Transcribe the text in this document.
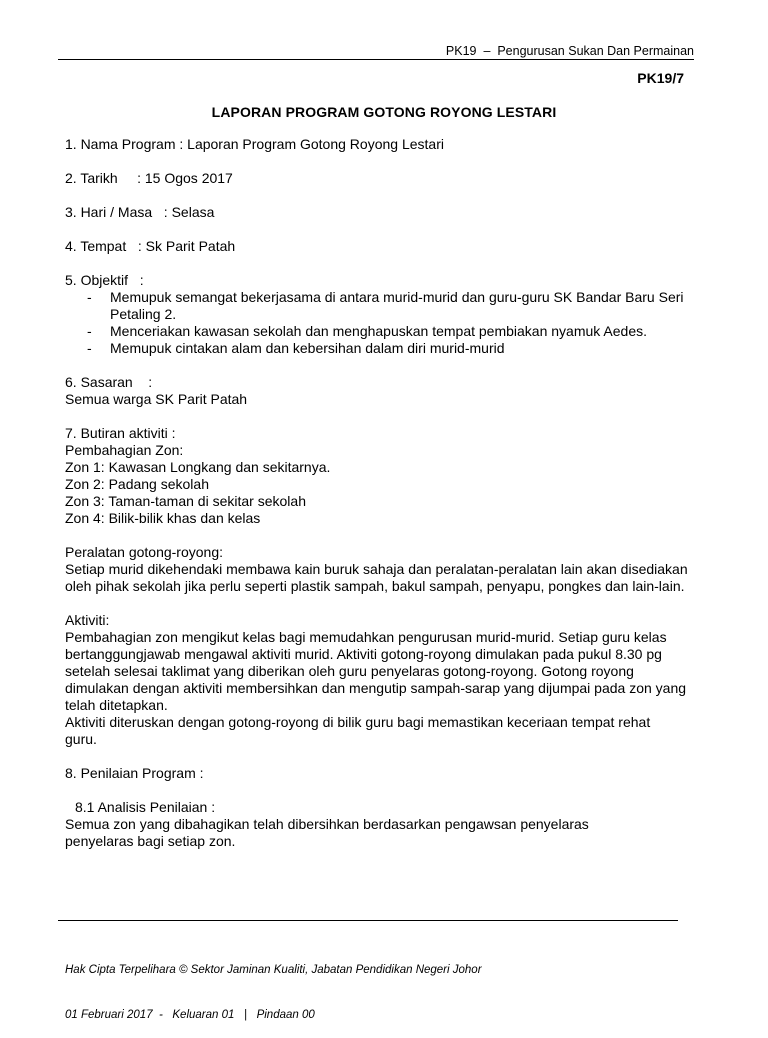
PK19  –  Pengurusan Sukan Dan Permainan
PK19/7
LAPORAN PROGRAM GOTONG ROYONG LESTARI

1. Nama Program : Laporan Program Gotong Royong Lestari

2. Tarikh     : 15 Ogos 2017

3. Hari / Masa   : Selasa

4. Tempat   : Sk Parit Patah

5. Objektif   :

-	Memupuk semangat bekerjasama di antara murid-murid dan guru-guru SK Bandar Baru Seri Petaling 2.
-	Menceriakan kawasan sekolah dan menghapuskan tempat pembiakan nyamuk Aedes.
-	Memupuk cintakan alam dan kebersihan dalam diri murid-murid

6. Sasaran    :

Semua warga SK Parit Patah

7. Butiran aktiviti :

Pembahagian Zon:

Zon 1: Kawasan Longkang dan sekitarnya.

Zon 2: Padang sekolah

Zon 3: Taman-taman di sekitar sekolah

Zon 4: Bilik-bilik khas dan kelas

Peralatan gotong-royong:

Setiap murid dikehendaki membawa kain buruk sahaja dan peralatan-peralatan lain akan disediakan oleh pihak sekolah jika perlu seperti plastik sampah, bakul sampah, penyapu, pongkes dan lain-lain.

Aktiviti:

Pembahagian zon mengikut kelas bagi memudahkan pengurusan murid-murid. Setiap guru kelas bertanggungjawab mengawal aktiviti murid. Aktiviti gotong-royong dimulakan pada pukul 8.30 pg setelah selesai taklimat yang diberikan oleh guru penyelaras gotong-royong. Gotong royong dimulakan dengan aktiviti membersihkan dan mengutip sampah-sarap yang dijumpai pada zon yang telah ditetapkan.

Aktiviti diteruskan dengan gotong-royong di bilik guru bagi memastikan keceriaan tempat rehat guru.

8. Penilaian Program :

8.1 Analisis Penilaian :

Semua zon yang dibahagikan telah dibersihkan berdasarkan pengawsan penyelaras penyelaras bagi setiap zon.

Hak Cipta Terpelihara © Sektor Jaminan Kualiti, Jabatan Pendidikan Negeri Johor

01 Februari 2017  -   Keluaran 01   |   Pindaan 00
